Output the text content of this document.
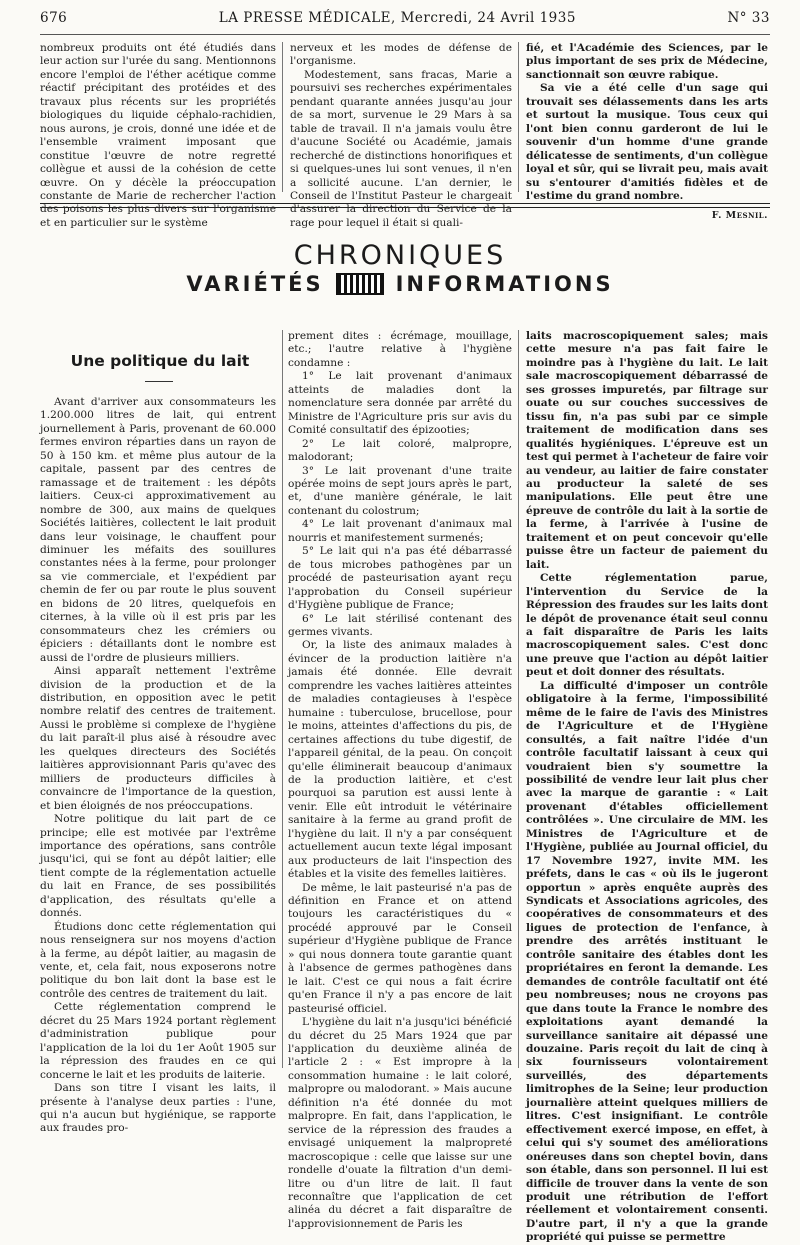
676	LA PRESSE MÉDICALE, Mercredi, 24 Avril 1935	N° 33

nombreux produits ont été étudiés dans leur action sur l'urée du sang. Mentionnons encore l'emploi de l'éther acétique comme réactif précipitant des protéides et des travaux plus récents sur les propriétés biologiques du liquide céphalo-rachidien, nous aurons, je crois, donné une idée et de l'ensemble vraiment imposant que constitue l'œuvre de notre regretté collègue et aussi de la cohésion de cette œuvre. On y décèle la préoccupation constante de Marie de rechercher l'action des poisons les plus divers sur l'organisme et en particulier sur le système

nerveux et les modes de défense de l'organisme.

Modestement, sans fracas, Marie a poursuivi ses recherches expérimentales pendant quarante années jusqu'au jour de sa mort, survenue le 29 Mars à sa table de travail. Il n'a jamais voulu être d'aucune Société ou Académie, jamais recherché de distinctions honorifiques et si quelques-unes lui sont venues, il n'en a sollicité aucune. L'an dernier, le Conseil de l'Institut Pasteur le chargeait d'assurer la direction du Service de la rage pour lequel il était si quali-

fié, et l'Académie des Sciences, par le plus important de ses prix de Médecine, sanctionnait son œuvre rabique.

Sa vie a été celle d'un sage qui trouvait ses délassements dans les arts et surtout la musique. Tous ceux qui l'ont bien connu garderont de lui le souvenir d'un homme d'une grande délicatesse de sentiments, d'un collègue loyal et sûr, qui se livrait peu, mais avait su s'entourer d'amitiés fidèles et de l'estime du grand nombre.

F. Mesnil.
CHRONIQUES
VARIÉTÉS	INFORMATIONS
Une politique du lait

Avant d'arriver aux consommateurs les 1.200.000 litres de lait, qui entrent journellement à Paris, provenant de 60.000 fermes environ réparties dans un rayon de 50 à 150 km. et même plus autour de la capitale, passent par des centres de ramassage et de traitement : les dépôts laitiers. Ceux-ci approximativement au nombre de 300, aux mains de quelques Sociétés laitières, collectent le lait produit dans leur voisinage, le chauffent pour diminuer les méfaits des souillures constantes nées à la ferme, pour prolonger sa vie commerciale, et l'expédient par chemin de fer ou par route le plus souvent en bidons de 20 litres, quelquefois en citernes, à la ville où il est pris par les consommateurs chez les crémiers ou épiciers : détaillants dont le nombre est aussi de l'ordre de plusieurs milliers.

Ainsi apparaît nettement l'extrême division de la production et de la distribution, en opposition avec le petit nombre relatif des centres de traitement. Aussi le problème si complexe de l'hygiène du lait paraît-il plus aisé à résoudre avec les quelques directeurs des Sociétés laitières approvisionnant Paris qu'avec des milliers de producteurs difficiles à convaincre de l'importance de la question, et bien éloignés de nos préoccupations.

Notre politique du lait part de ce principe; elle est motivée par l'extrême importance des opérations, sans contrôle jusqu'ici, qui se font au dépôt laitier; elle tient compte de la réglementation actuelle du lait en France, de ses possibilités d'application, des résultats qu'elle a donnés.

Étudions donc cette réglementation qui nous renseignera sur nos moyens d'action à la ferme, au dépôt laitier, au magasin de vente, et, cela fait, nous exposerons notre politique du bon lait dont la base est le contrôle des centres de traitement du lait.

Cette réglementation comprend le décret du 25 Mars 1924 portant règlement d'administration publique pour l'application de la loi du 1er Août 1905 sur la répression des fraudes en ce qui concerne le lait et les produits de laiterie.

Dans son titre I visant les laits, il présente à l'analyse deux parties : l'une, qui n'a aucun but hygiénique, se rapporte aux fraudes pro-

prement dites : écrémage, mouillage, etc.; l'autre relative à l'hygiène condamne :

1° Le lait provenant d'animaux atteints de maladies dont la nomenclature sera donnée par arrêté du Ministre de l'Agriculture pris sur avis du Comité consultatif des épizooties;

2° Le lait coloré, malpropre, malodorant;

3° Le lait provenant d'une traite opérée moins de sept jours après le part, et, d'une manière générale, le lait contenant du colostrum;

4° Le lait provenant d'animaux mal nourris et manifestement surmenés;

5° Le lait qui n'a pas été débarrassé de tous microbes pathogènes par un procédé de pasteurisation ayant reçu l'approbation du Conseil supérieur d'Hygiène publique de France;

6° Le lait stérilisé contenant des germes vivants.

Or, la liste des animaux malades à évincer de la production laitière n'a jamais été donnée. Elle devrait comprendre les vaches laitières atteintes de maladies contagieuses à l'espèce humaine : tuberculose, brucellose, pour le moins, atteintes d'affections du pis, de certaines affections du tube digestif, de l'appareil génital, de la peau. On conçoit qu'elle éliminerait beaucoup d'animaux de la production laitière, et c'est pourquoi sa parution est aussi lente à venir. Elle eût introduit le vétérinaire sanitaire à la ferme au grand profit de l'hygiène du lait. Il n'y a par conséquent actuellement aucun texte légal imposant aux producteurs de lait l'inspection des étables et la visite des femelles laitières.

De même, le lait pasteurisé n'a pas de définition en France et on attend toujours les caractéristiques du « procédé approuvé par le Conseil supérieur d'Hygiène publique de France » qui nous donnera toute garantie quant à l'absence de germes pathogènes dans le lait. C'est ce qui nous a fait écrire qu'en France il n'y a pas encore de lait pasteurisé officiel.

L'hygiène du lait n'a jusqu'ici bénéficié du décret du 25 Mars 1924 que par l'application du deuxième alinéa de l'article 2 : « Est impropre à la consommation humaine : le lait coloré, malpropre ou malodorant. » Mais aucune définition n'a été donnée du mot malpropre. En fait, dans l'application, le service de la répression des fraudes a envisagé uniquement la malpropreté macroscopique : celle que laisse sur une rondelle d'ouate la filtration d'un demi-litre ou d'un litre de lait. Il faut reconnaître que l'application de cet alinéa du décret a fait disparaître de l'approvisionnement de Paris les

laits macroscopiquement sales; mais cette mesure n'a pas fait faire le moindre pas à l'hygiène du lait. Le lait sale macroscopiquement débarrassé de ses grosses impuretés, par filtrage sur ouate ou sur couches successives de tissu fin, n'a pas subi par ce simple traitement de modification dans ses qualités hygiéniques. L'épreuve est un test qui permet à l'acheteur de faire voir au vendeur, au laitier de faire constater au producteur la saleté de ses manipulations. Elle peut être une épreuve de contrôle du lait à la sortie de la ferme, à l'arrivée à l'usine de traitement et on peut concevoir qu'elle puisse être un facteur de paiement du lait.

Cette réglementation parue, l'intervention du Service de la Répression des fraudes sur les laits dont le dépôt de provenance était seul connu a fait disparaître de Paris les laits macroscopiquement sales. C'est donc une preuve que l'action au dépôt laitier peut et doit donner des résultats.

La difficulté d'imposer un contrôle obligatoire à la ferme, l'impossibilité même de le faire de l'avis des Ministres de l'Agriculture et de l'Hygiène consultés, a fait naître l'idée d'un contrôle facultatif laissant à ceux qui voudraient bien s'y soumettre la possibilité de vendre leur lait plus cher avec la marque de garantie : « Lait provenant d'étables officiellement contrôlées ». Une circulaire de MM. les Ministres de l'Agriculture et de l'Hygiène, publiée au Journal officiel, du 17 Novembre 1927, invite MM. les préfets, dans le cas « où ils le jugeront opportun » après enquête auprès des Syndicats et Associations agricoles, des coopératives de consommateurs et des ligues de protection de l'enfance, à prendre des arrêtés instituant le contrôle sanitaire des étables dont les propriétaires en feront la demande. Les demandes de contrôle facultatif ont été peu nombreuses; nous ne croyons pas que dans toute la France le nombre des exploitations ayant demandé la surveillance sanitaire ait dépassé une douzaine. Paris reçoit du lait de cinq à six fournisseurs volontairement surveillés, des départements limitrophes de la Seine; leur production journalière atteint quelques milliers de litres. C'est insignifiant. Le contrôle effectivement exercé impose, en effet, à celui qui s'y soumet des améliorations onéreuses dans son cheptel bovin, dans son étable, dans son personnel. Il lui est difficile de trouver dans la vente de son produit une rétribution de l'effort réellement et volontairement consenti. D'autre part, il n'y a que la grande propriété qui puisse se permettre
